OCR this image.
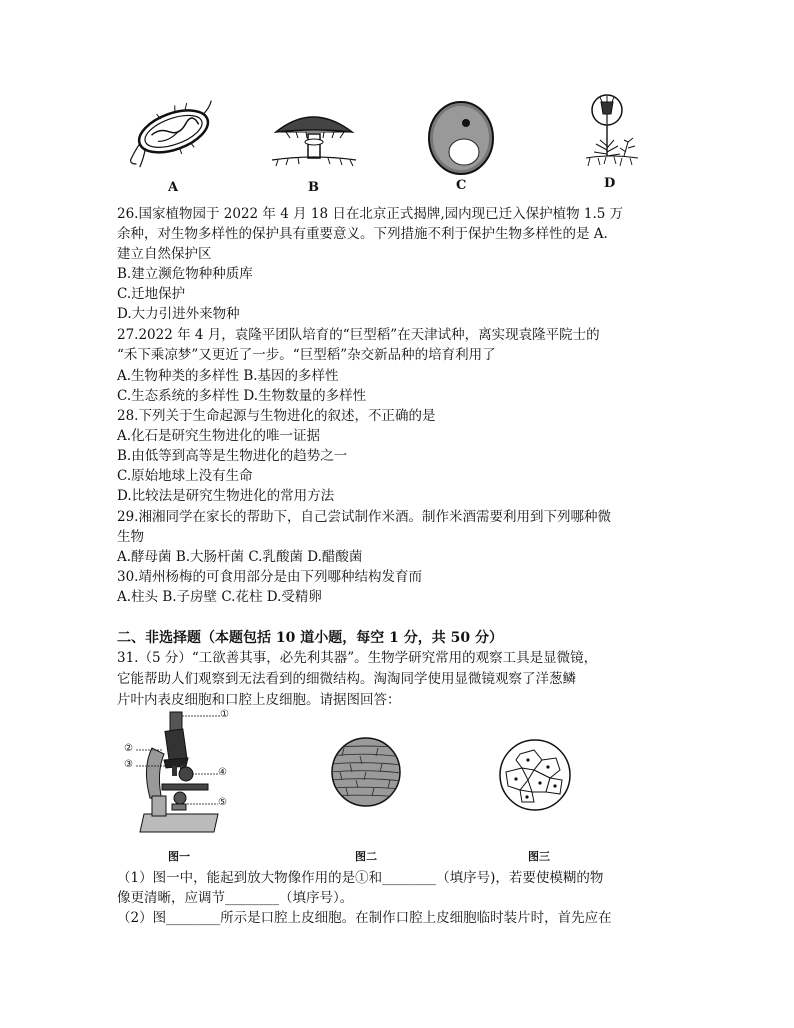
A	B	C	D
26.国家植物园于 2022 年 4 月 18 日在北京正式揭牌,园内现已迁入保护植物 1.5 万
余种，对生物多样性的保护具有重要意义。下列措施不利于保护生物多样性的是 A.
建立自然保护区
B.建立濒危物种种质库
C.迁地保护
D.大力引进外来物种
27.2022 年 4 月，袁隆平团队培育的“巨型稻”在天津试种，离实现袁隆平院士的
“禾下乘凉梦”又更近了一步。“巨型稻”杂交新品种的培育利用了
A.生物种类的多样性 B.基因的多样性
C.生态系统的多样性 D.生物数量的多样性
28.下列关于生命起源与生物进化的叙述，不正确的是
A.化石是研究生物进化的唯一证据
B.由低等到高等是生物进化的趋势之一
C.原始地球上没有生命
D.比较法是研究生物进化的常用方法
29.湘湘同学在家长的帮助下，自己尝试制作米酒。制作米酒需要利用到下列哪种微
生物
A.酵母菌 B.大肠杆菌 C.乳酸菌 D.醋酸菌
30.靖州杨梅的可食用部分是由下列哪种结构发育而
A.柱头 B.子房壁 C.花柱 D.受精卵
二、非选择题（本题包括 10 道小题，每空 1 分，共 50 分）
31.（5 分）“工欲善其事，必先利其器”。生物学研究常用的观察工具是显微镜，
它能帮助人们观察到无法看到的细微结构。淘淘同学使用显微镜观察了洋葱鳞
片叶内表皮细胞和口腔上皮细胞。请据图回答：
①
②
③
④
⑤
图一	图二	图三
（1）图一中，能起到放大物像作用的是①和________（填序号)，若要使模糊的物
像更清晰，应调节________（填序号）。
（2）图________所示是口腔上皮细胞。在制作口腔上皮细胞临时装片时，首先应在
